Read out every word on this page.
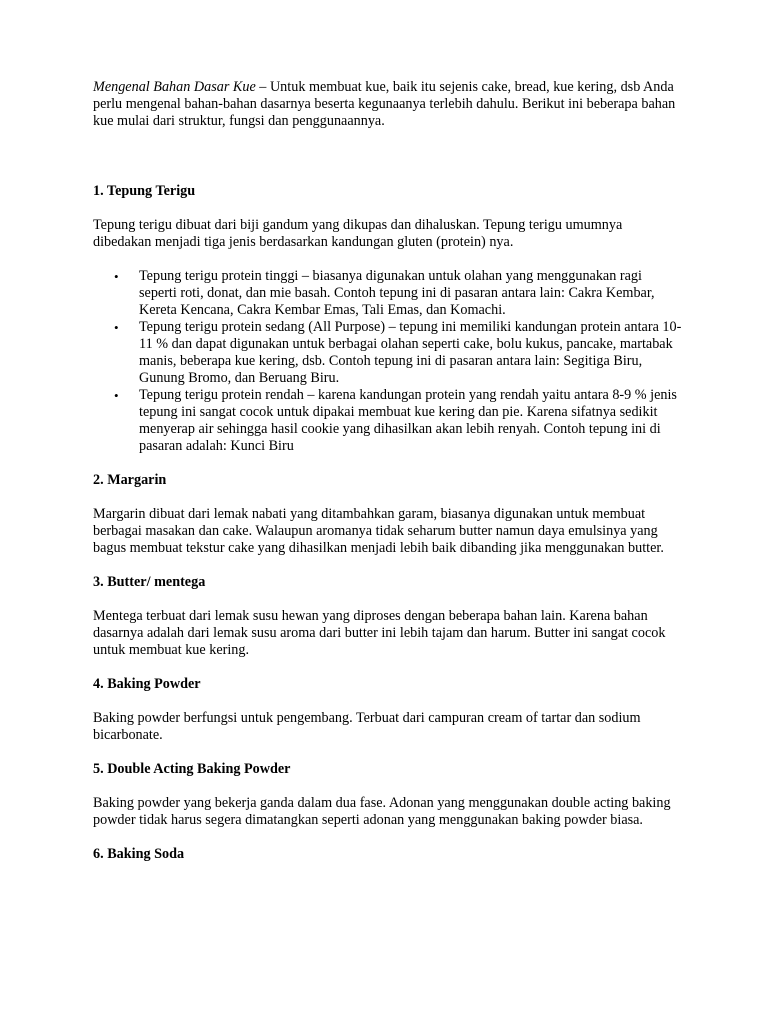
Mengenal Bahan Dasar Kue – Untuk membuat kue, baik itu sejenis cake, bread, kue kering, dsb Anda perlu mengenal bahan-bahan dasarnya beserta kegunaanya terlebih dahulu. Berikut ini beberapa bahan kue mulai dari struktur, fungsi dan penggunaannya.

1. Tepung Terigu

Tepung terigu dibuat dari biji gandum yang dikupas dan dihaluskan. Tepung terigu umumnya dibedakan menjadi tiga jenis berdasarkan kandungan gluten (protein) nya.

• Tepung terigu protein tinggi – biasanya digunakan untuk olahan yang menggunakan ragi seperti roti, donat, dan mie basah. Contoh tepung ini di pasaran antara lain: Cakra Kembar, Kereta Kencana, Cakra Kembar Emas, Tali Emas, dan Komachi.
• Tepung terigu protein sedang (All Purpose) – tepung ini memiliki kandungan protein antara 10-11 % dan dapat digunakan untuk berbagai olahan seperti cake, bolu kukus, pancake, martabak manis, beberapa kue kering, dsb. Contoh tepung ini di pasaran antara lain: Segitiga Biru, Gunung Bromo, dan Beruang Biru.
• Tepung terigu protein rendah – karena kandungan protein yang rendah yaitu antara 8-9 % jenis tepung ini sangat cocok untuk dipakai membuat kue kering dan pie. Karena sifatnya sedikit menyerap air sehingga hasil cookie yang dihasilkan akan lebih renyah. Contoh tepung ini di pasaran adalah: Kunci Biru
2. Margarin

Margarin dibuat dari lemak nabati yang ditambahkan garam, biasanya digunakan untuk membuat berbagai masakan dan cake. Walaupun aromanya tidak seharum butter namun daya emulsinya yang bagus membuat tekstur cake yang dihasilkan menjadi lebih baik dibanding jika menggunakan butter.

3. Butter/ mentega

Mentega terbuat dari lemak susu hewan yang diproses dengan beberapa bahan lain. Karena bahan dasarnya adalah dari lemak susu aroma dari butter ini lebih tajam dan harum. Butter ini sangat cocok untuk membuat kue kering.

4. Baking Powder

Baking powder berfungsi untuk pengembang. Terbuat dari campuran cream of tartar dan sodium bicarbonate.

5. Double Acting Baking Powder

Baking powder yang bekerja ganda dalam dua fase. Adonan yang menggunakan double acting baking powder tidak harus segera dimatangkan seperti adonan yang menggunakan baking powder biasa.

6. Baking Soda
